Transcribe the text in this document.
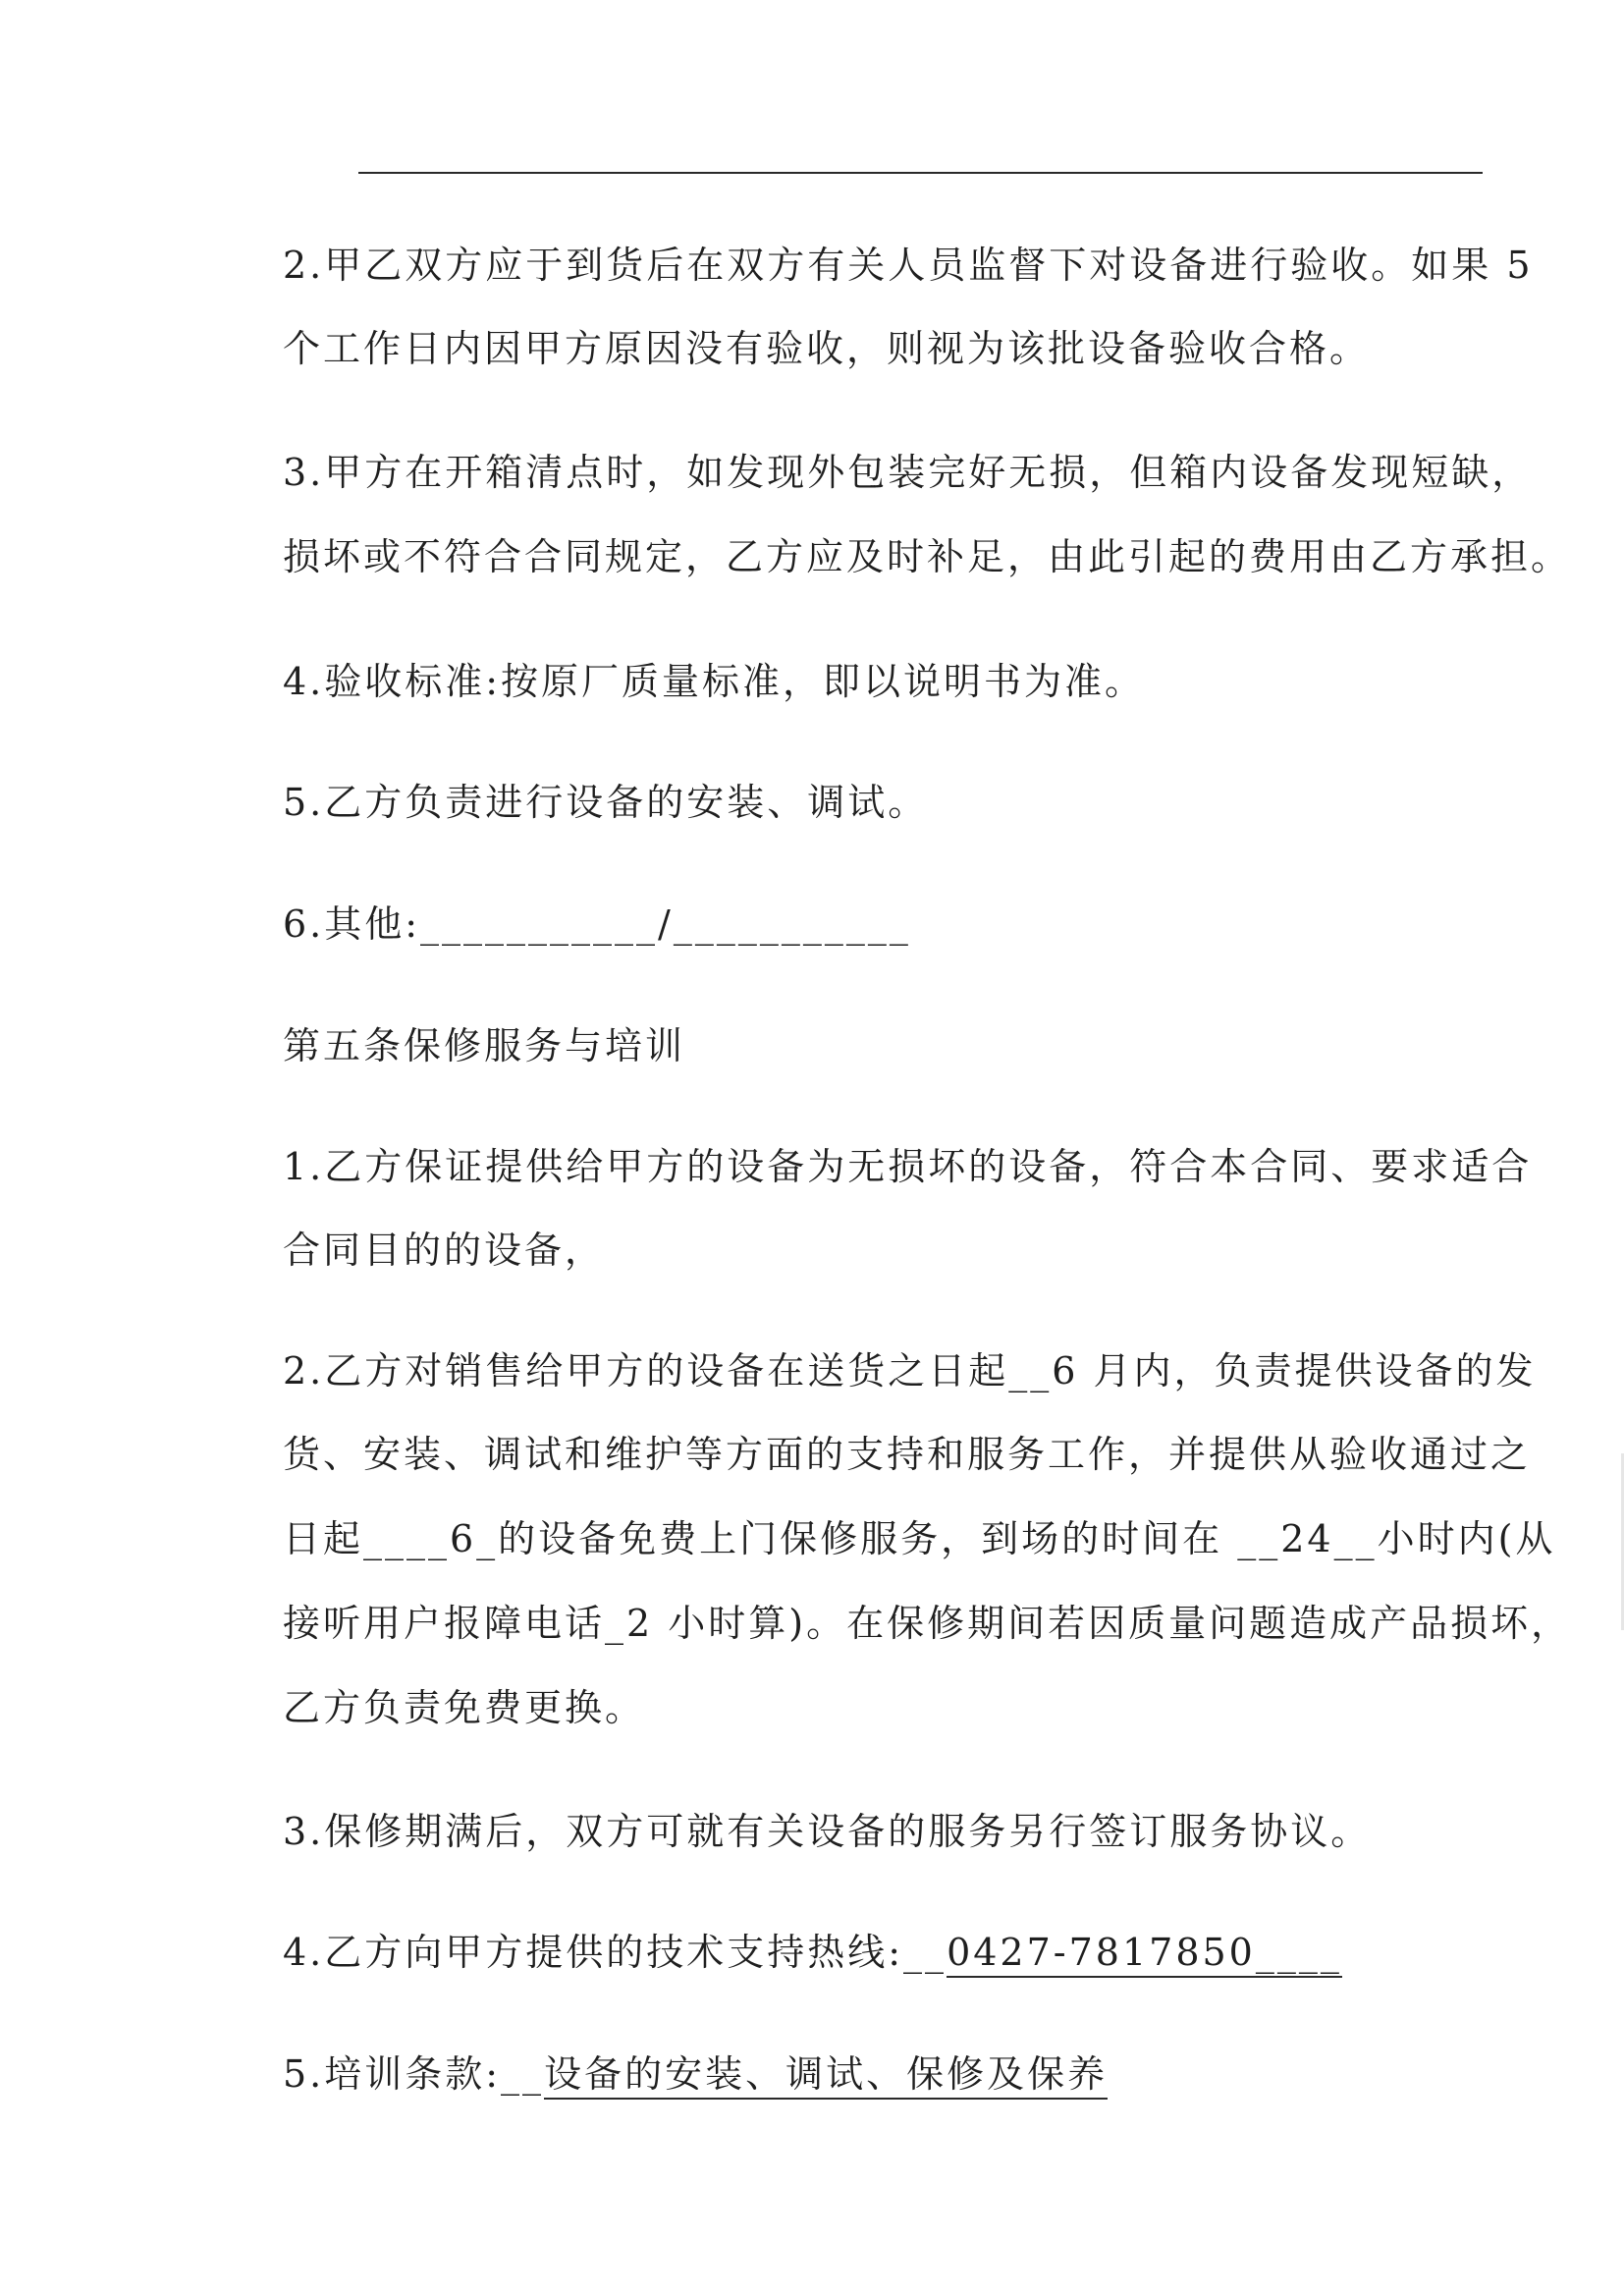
2.甲乙双方应于到货后在双方有关人员监督下对设备进行验收。如果 5
个工作日内因甲方原因没有验收，则视为该批设备验收合格。
3.甲方在开箱清点时，如发现外包装完好无损，但箱内设备发现短缺，
损坏或不符合合同规定，乙方应及时补足，由此引起的费用由乙方承担。
4.验收标准:按原厂质量标准，即以说明书为准。
5.乙方负责进行设备的安装、调试。
6.其他:___________/___________
第五条保修服务与培训
1.乙方保证提供给甲方的设备为无损坏的设备，符合本合同、要求适合
合同目的的设备，
2.乙方对销售给甲方的设备在送货之日起__6 月内，负责提供设备的发
货、安装、调试和维护等方面的支持和服务工作，并提供从验收通过之
日起____6_的设备免费上门保修服务，到场的时间在 __24__小时内(从
接听用户报障电话_2 小时算)。在保修期间若因质量问题造成产品损坏，
乙方负责免费更换。
3.保修期满后，双方可就有关设备的服务另行签订服务协议。
4.乙方向甲方提供的技术支持热线:__0427-7817850____
5.培训条款:__设备的安装、调试、保修及保养
